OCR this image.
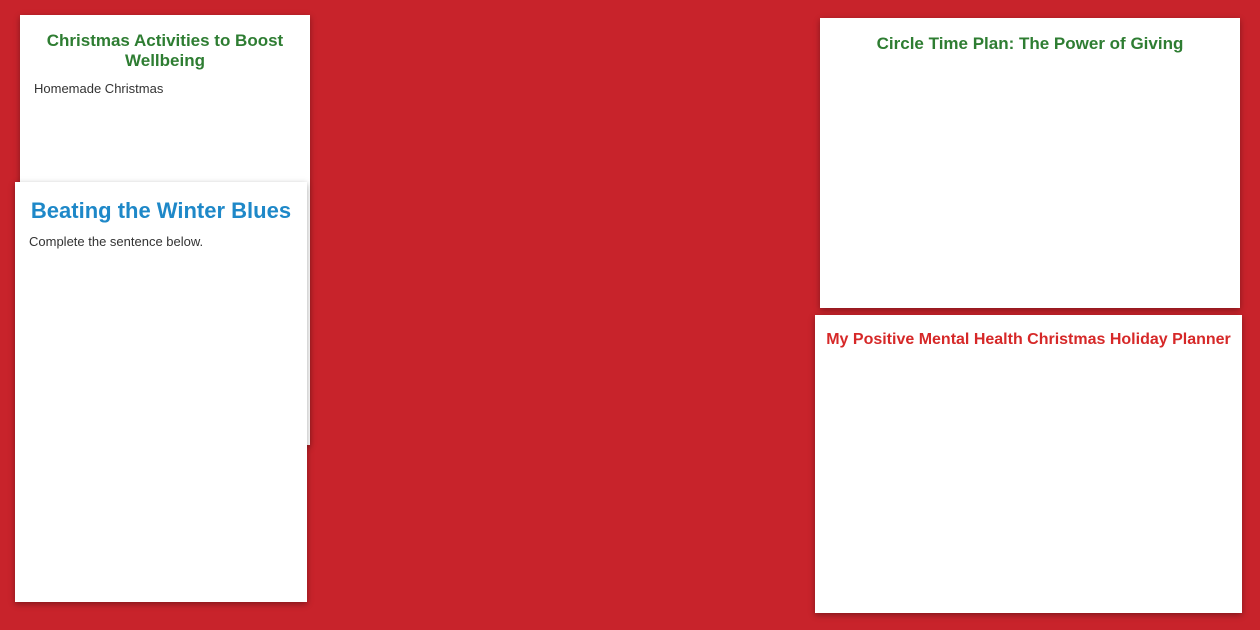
Christmas Activities to Boost Wellbeing
Homemade Christmas
Beating the Winter Blues
Complete the sentence below.
Circle Time Plan: The Power of Giving
My Positive Mental Health Christmas Holiday Planner
